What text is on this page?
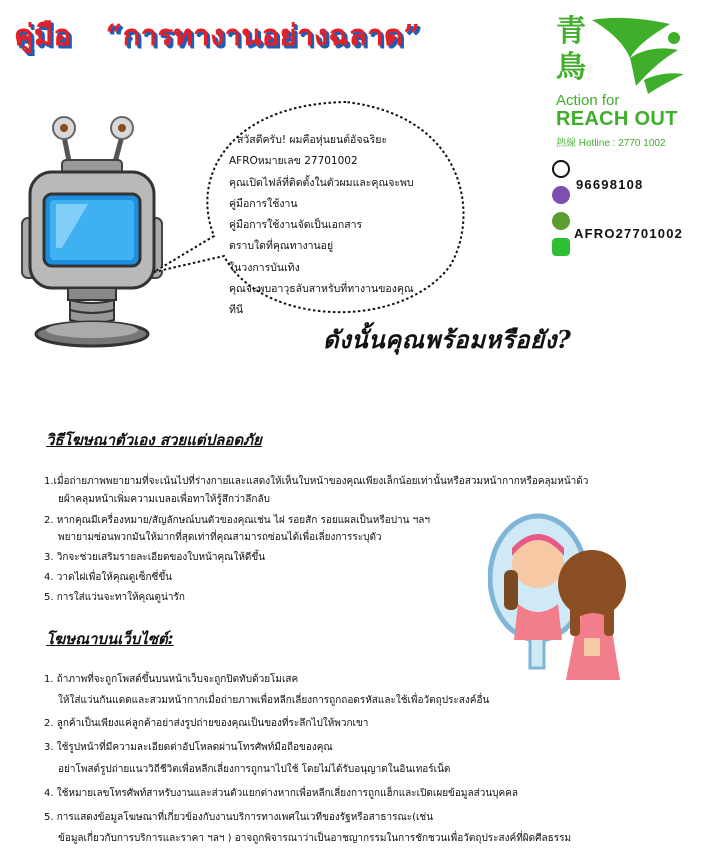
คู่มือ “การทางานอย่างฉลาด”	青
鳥
Action for
REACH OUT
熱線 Hotline : 2770 1002
96698108
AFRO27701002
สวัสดีครับ! ผมคือหุ่นยนต์อัจฉริยะ
AFROหมายเลข 27701002
คุณเปิดไฟล์ที่ติดตั้งในตัวผมและคุณจะพบ
คู่มือการใช้งาน
คู่มือการใช้งานจัดเป็นเอกสาร
ตราบใดที่คุณทางานอยู่
ในวงการบันเทิง
คุณจะพบอาวุธลับสาหรับที่ทางานของคุณ
ทีนี
ดังนั้นคุณพร้อมหรือยัง?
วิธีโฆษณาตัวเอง สวยแต่ปลอดภัย
1.เมื่อถ่ายภาพพยายามที่จะเน้นไปที่ร่างกายและแสดงให้เห็นใบหน้าของคุณเพียงเล็กน้อยเท่านั้นหรือสวมหน้ากากหรือคลุมหน้าด้ว
ยผ้าคลุมหน้าเพิ่มความเบลอเพื่อทาให้รู้สึกว่าลึกลับ
2. หากคุณมีเครื่องหมาย/สัญลักษณ์บนตัวของคุณเช่น ไฝ รอยสัก รอยแผลเป็นหรือปาน ฯลฯ
พยายามซ่อนพวกมันให้มากที่สุดเท่าที่คุณสามารถซ่อนได้เพื่อเลี่ยงการระบุตัว
3. วิกจะช่วยเสริมรายละเอียดของใบหน้าคุณให้ดีขึ้น
4. วาดไฝเพื่อให้คุณดูเซ็กซี่ขึ้น
5. การใส่แว่นจะทาให้คุณดูน่ารัก
โฆษณาบนเว็บไซต์:
1. ถ้าภาพที่จะถูกโพสต์ขึ้นบนหน้าเว็บจะถูกปิดทับด้วยโมเสค
ให้ใส่แว่นกันแดดและสวมหน้ากากเมื่อถ่ายภาพเพื่อหลีกเลี่ยงการถูกถอดรหัสและใช้เพื่อวัตถุประสงค์อื่น
2. ลูกค้าเป็นเพียงแค่ลูกค้าอย่าส่งรูปถ่ายของคุณเป็นของที่ระลึกไปให้พวกเขา
3. ใช้รูปหน้าที่มีความละเอียดต่าอัปโหลดผ่านโทรศัพท์มือถือของคุณ
อย่าโพสต์รูปถ่ายแนววิถีชีวิตเพื่อหลีกเลี่ยงการถูกนาไปใช้ โดยไม่ได้รับอนุญาตในอินเทอร์เน็ต
4. ใช้หมายเลขโทรศัพท์สาหรับงานและส่วนตัวแยกต่างหากเพื่อหลีกเลี่ยงการถูกแฮ็กและเปิดเผยข้อมูลส่วนบุคคล
5. การแสดงข้อมูลโฆษณาที่เกี่ยวข้องกับงานบริการทางเพศในเวทีของรัฐหรือสาธารณะ(เช่น
ข้อมูลเกี่ยวกับการบริการและราคา ฯลฯ ) อาจถูกพิจารณาว่าเป็นอาชญากรรมในการชักชวนเพื่อวัตถุประสงค์ที่ผิดศีลธรรม
